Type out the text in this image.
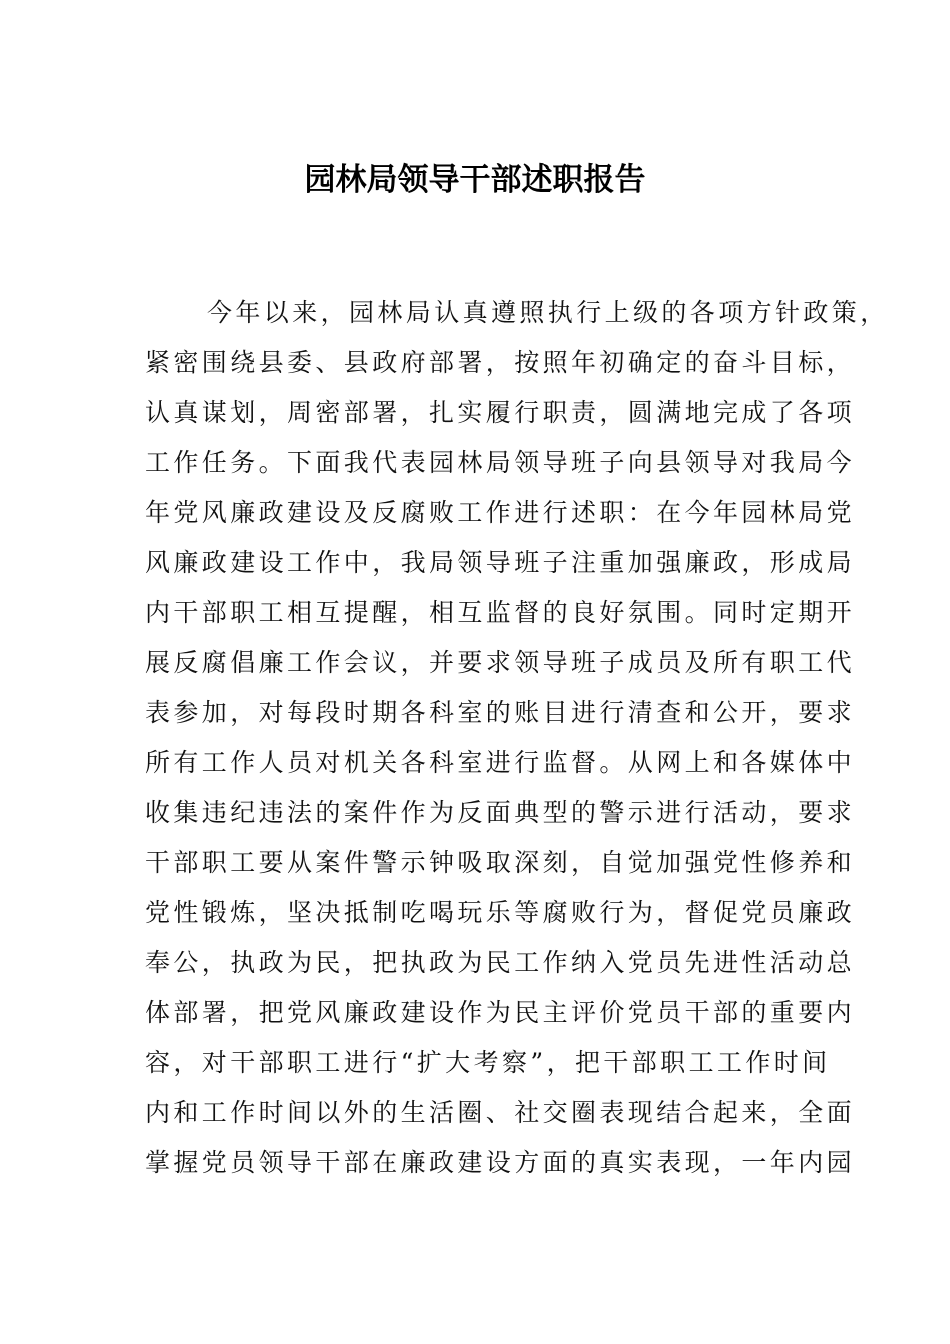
园林局领导干部述职报告
今年以来，园林局认真遵照执行上级的各项方针政策，
紧密围绕县委、县政府部署，按照年初确定的奋斗目标，
认真谋划，周密部署，扎实履行职责，圆满地完成了各项
工作任务。下面我代表园林局领导班子向县领导对我局今
年党风廉政建设及反腐败工作进行述职：在今年园林局党
风廉政建设工作中，我局领导班子注重加强廉政，形成局
内干部职工相互提醒，相互监督的良好氛围。同时定期开
展反腐倡廉工作会议，并要求领导班子成员及所有职工代
表参加，对每段时期各科室的账目进行清查和公开，要求
所有工作人员对机关各科室进行监督。从网上和各媒体中
收集违纪违法的案件作为反面典型的警示进行活动，要求
干部职工要从案件警示钟吸取深刻，自觉加强党性修养和
党性锻炼，坚决抵制吃喝玩乐等腐败行为，督促党员廉政
奉公，执政为民，把执政为民工作纳入党员先进性活动总
体部署，把党风廉政建设作为民主评价党员干部的重要内
容，对干部职工进行“扩大考察”，把干部职工工作时间
内和工作时间以外的生活圈、社交圈表现结合起来，全面
掌握党员领导干部在廉政建设方面的真实表现，一年内园
